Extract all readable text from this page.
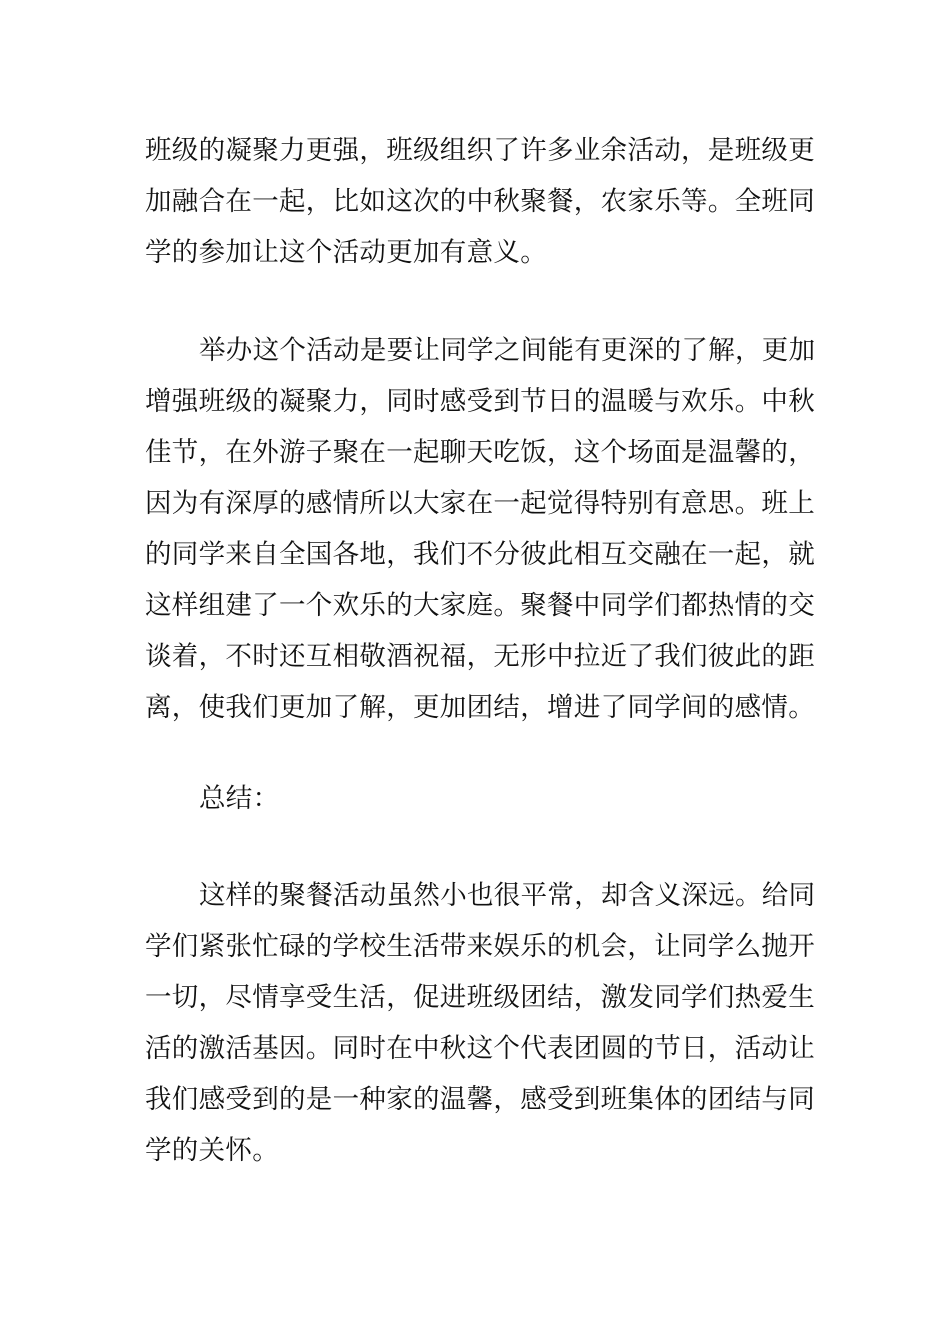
班级的凝聚力更强，班级组织了许多业余活动，是班级更
加融合在一起，比如这次的中秋聚餐，农家乐等。全班同
学的参加让这个活动更加有意义。
举办这个活动是要让同学之间能有更深的了解，更加
增强班级的凝聚力，同时感受到节日的温暖与欢乐。中秋
佳节，在外游子聚在一起聊天吃饭，这个场面是温馨的，
因为有深厚的感情所以大家在一起觉得特别有意思。班上
的同学来自全国各地，我们不分彼此相互交融在一起，就
这样组建了一个欢乐的大家庭。聚餐中同学们都热情的交
谈着，不时还互相敬酒祝福，无形中拉近了我们彼此的距
离，使我们更加了解，更加团结，增进了同学间的感情。
总结：
这样的聚餐活动虽然小也很平常，却含义深远。给同
学们紧张忙碌的学校生活带来娱乐的机会，让同学么抛开
一切，尽情享受生活，促进班级团结，激发同学们热爱生
活的激活基因。同时在中秋这个代表团圆的节日，活动让
我们感受到的是一种家的温馨，感受到班集体的团结与同
学的关怀。
